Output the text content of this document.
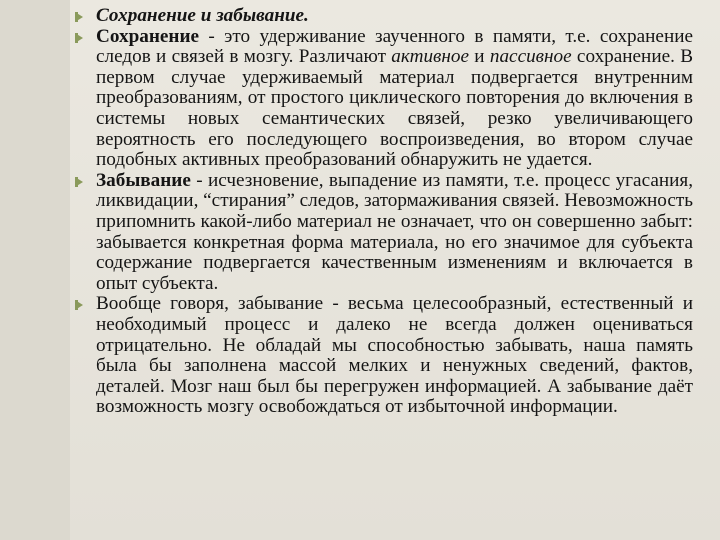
Сохранение и забывание.
Сохранение - это удерживание заученного в памяти, т.е. сохранение следов и связей в мозгу. Различают активное и пассивное сохранение. В первом случае удерживаемый материал подвергается внутренним преобразованиям, от простого циклического повторения до включения в системы новых семантических связей, резко увеличивающего вероятность его последующего воспроизведения, во втором случае подобных активных преобразований обнаружить не удается.
Забывание - исчезновение, выпадение из памяти, т.е. процесс угасания, ликвидации, “стирания” следов, затормаживания связей. Невозможность припомнить какой-либо материал не означает, что он совершенно забыт: забывается конкретная форма материала, но его значимое для субъекта содержание подвергается качественным изменениям и включается в опыт субъекта.
Вообще говоря, забывание - весьма целесообразный, естественный и необходимый процесс и далеко не всегда должен оцениваться отрицательно. Не обладай мы способностью забывать, наша память была бы заполнена массой мелких и ненужных сведений, фактов, деталей. Мозг наш был бы перегружен информацией. А забывание даёт возможность мозгу освобождаться от избыточной информации.
